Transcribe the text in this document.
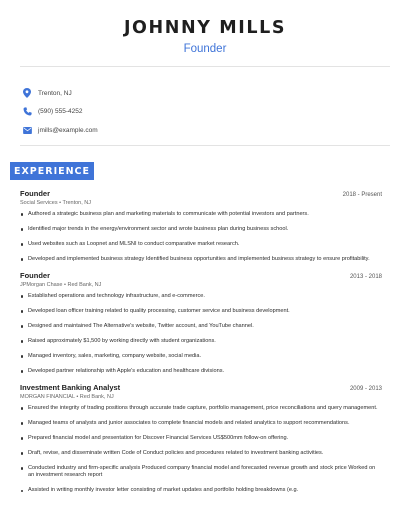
JOHNNY MILLS
Founder
Trenton, NJ
(590) 555-4252
jmills@example.com
EXPERIENCE
Founder	2018 - Present
Social Services • Trenton, NJ
Authored a strategic business plan and marketing materials to communicate with potential investors and partners.
Identified major trends in the energy/environment sector and wrote business plan during business school.
Used websites such as Loopnet and MLSNI to conduct comparative market research.
Developed and implemented business strategy Identified business opportunities and implemented business strategy to ensure profitability.
Founder	2013 - 2018
JPMorgan Chase • Red Bank, NJ
Established operations and technology infrastructure, and e-commerce.
Developed loan officer training related to quality processing, customer service and business development.
Designed and maintained The Alternative's website, Twitter account, and YouTube channel.
Raised approximately $1,500 by working directly with student organizations.
Managed inventory, sales, marketing, company website, social media.
Developed partner relationship with Apple's education and healthcare divisions.
Investment Banking Analyst	2009 - 2013
MORGAN FINANCIAL • Red Bank, NJ
Ensured the integrity of trading positions through accurate trade capture, portfolio management, price reconciliations and query management.
Managed teams of analysts and junior associates to complete financial models and related analytics to support recommendations.
Prepared financial model and presentation for Discover Financial Services US$500mm follow-on offering.
Draft, revise, and disseminate written Code of Conduct policies and procedures related to investment banking activities.
Conducted industry and firm-specific analysis Produced company financial model and forecasted revenue growth and stock price Worked on an investment research report
Assisted in writing monthly investor letter consisting of market updates and portfolio holding breakdowns (e.g.
